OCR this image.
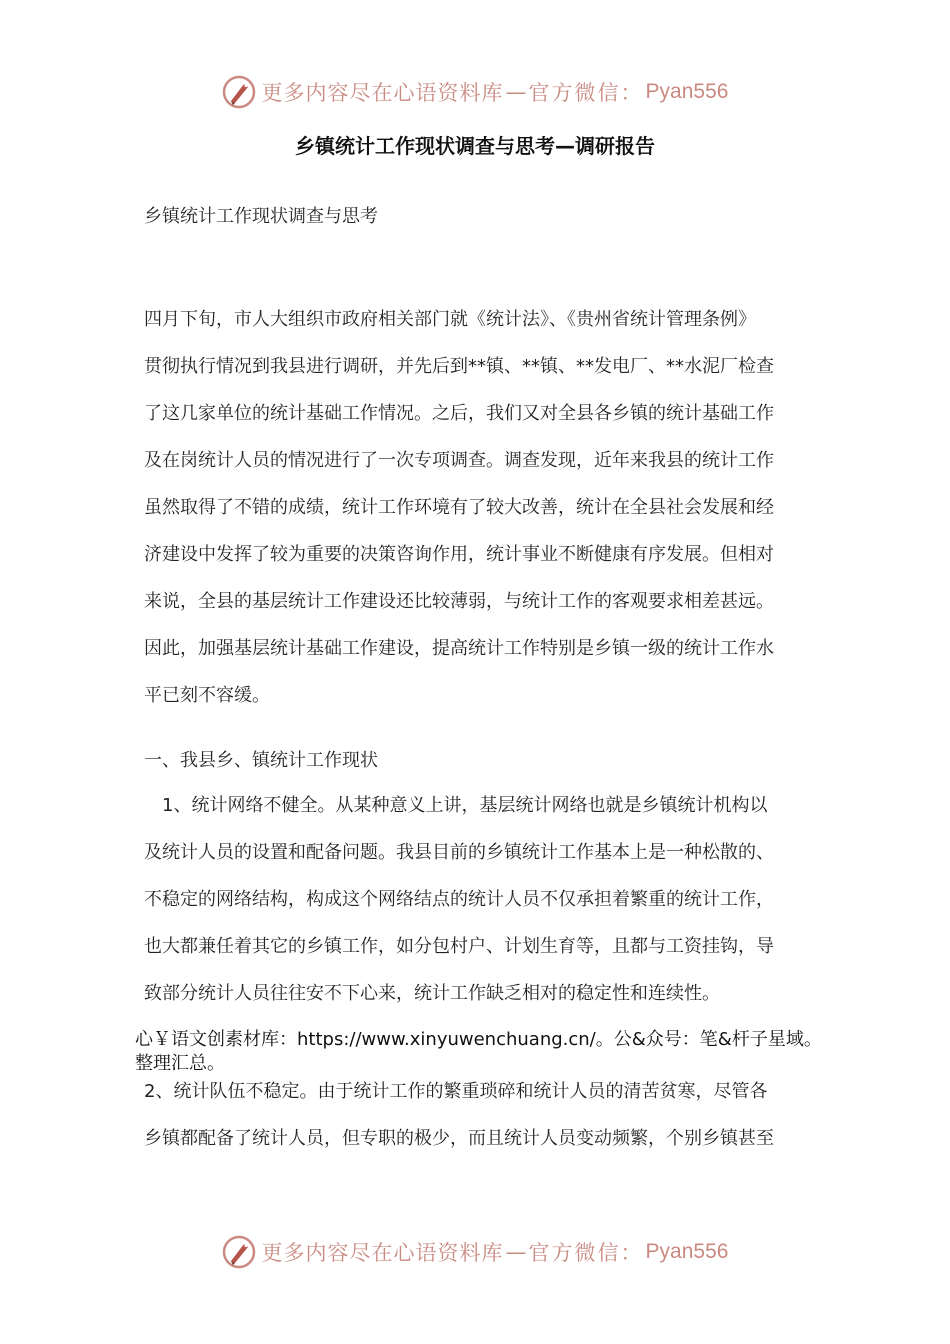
更多内容尽在心语资料库 — 官方微信： Pyan556
乡镇统计工作现状调查与思考—调研报告
乡镇统计工作现状调查与思考
四月下旬，市人大组织市政府相关部门就《统计法》、《贵州省统计管理条例》
贯彻执行情况到我县进行调研，并先后到**镇、**镇、**发电厂、**水泥厂检查
了这几家单位的统计基础工作情况。之后，我们又对全县各乡镇的统计基础工作
及在岗统计人员的情况进行了一次专项调查。调查发现，近年来我县的统计工作
虽然取得了不错的成绩，统计工作环境有了较大改善，统计在全县社会发展和经
济建设中发挥了较为重要的决策咨询作用，统计事业不断健康有序发展。但相对
来说，全县的基层统计工作建设还比较薄弱，与统计工作的客观要求相差甚远。
因此，加强基层统计基础工作建设，提高统计工作特别是乡镇一级的统计工作水
平已刻不容缓。
一、我县乡、镇统计工作现状
1、统计网络不健全。从某种意义上讲，基层统计网络也就是乡镇统计机构以
及统计人员的设置和配备问题。我县目前的乡镇统计工作基本上是一种松散的、
不稳定的网络结构，构成这个网络结点的统计人员不仅承担着繁重的统计工作，
也大都兼任着其它的乡镇工作，如分包村户、计划生育等，且都与工资挂钩，导
致部分统计人员往往安不下心来，统计工作缺乏相对的稳定性和连续性。
心￥语文创素材库：https://www.xinyuwenchuang.cn/。公&众号：笔&杆子星域。整理汇总。
2、统计队伍不稳定。由于统计工作的繁重琐碎和统计人员的清苦贫寒，尽管各
乡镇都配备了统计人员，但专职的极少，而且统计人员变动频繁，个别乡镇甚至
更多内容尽在心语资料库 — 官方微信： Pyan556
